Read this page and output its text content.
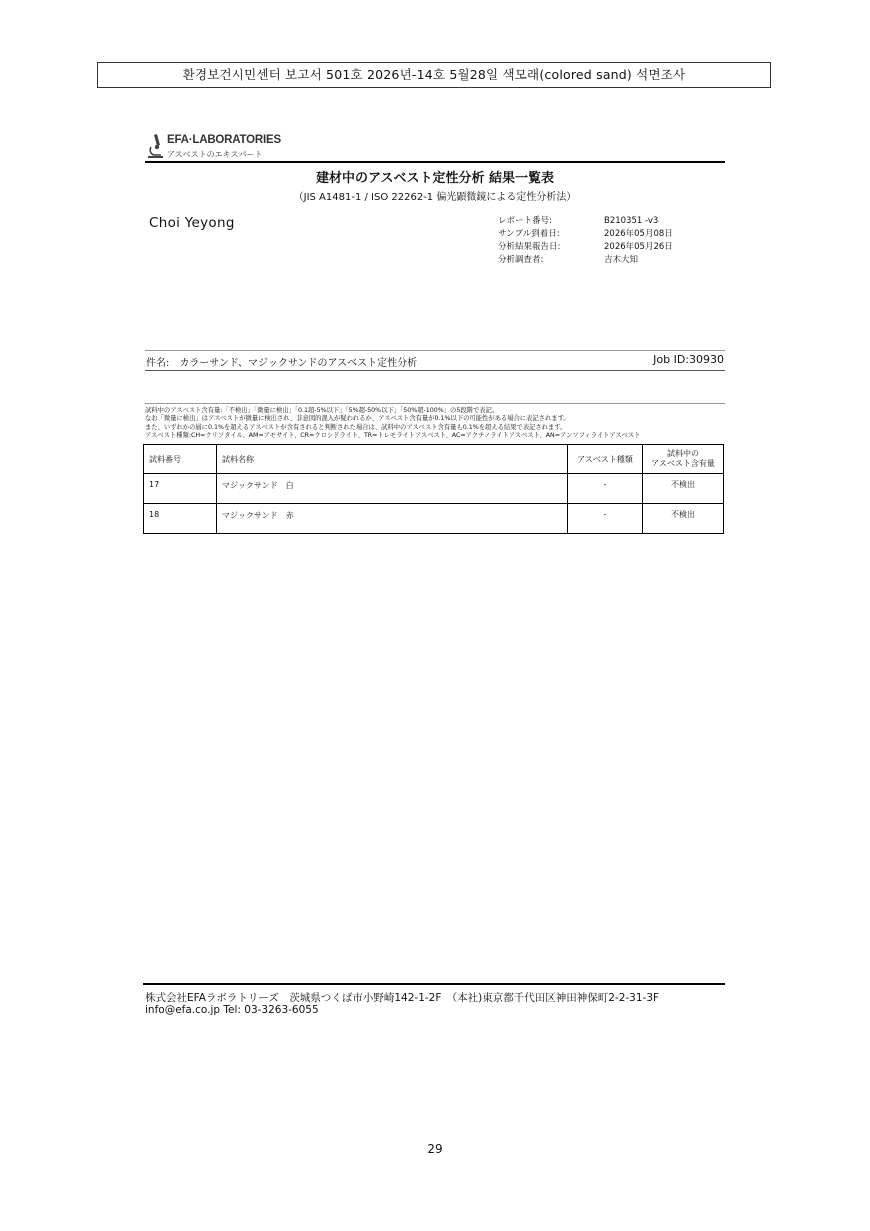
환경보건시민센터 보고서 501호 2026년-14호 5월28일 색모래(colored sand) 석면조사
EFA·LABORATORIES
アスベストのエキスパート
建材中のアスベスト定性分析 結果一覧表
（JIS A1481-1 / ISO 22262-1 偏光顕微鏡による定性分析法）
Choi Yeyong	レポート番号:	B210351 -v3
サンプル到着日:	2026年05月08日
分析結果報告日:	2026年05月26日
分析調査者:	吉木大知
件名:　カラーサンド、マジックサンドのアスベスト定性分析	Job ID:30930
試料中のアスベスト含有量:「不検出」「微量に検出」「0.1超-5%以下」「5%超-50%以下」「50%超-100%」の5段階で表記。
なお「微量に検出」はアスベストが微量に検出され、非意図的混入が疑われるか、アスベスト含有量が0.1%以下の可能性がある場合に表記されます。
また、いずれかの層に0.1%を超えるアスベストが含有されると判断された場合は、試料中のアスベスト含有量も0.1%を超える結果で表記されます。
アスベスト種類:CH=クリソタイル、AM=アモサイト、CR=クロシドライト、TR=トレモライトアスベスト、AC=アクチノライトアスベスト、AN=アンソフィライトアスベスト
試料番号	試料名称	アスベスト種類	試料中の
アスベスト含有量

17	マジックサンド　白	-	不検出
18	マジックサンド　赤	-	不検出
株式会社EFAラボラトリーズ　茨城県つくば市小野崎142-1-2F　（本社)東京都千代田区神田神保町2-2-31-3F
info@efa.co.jp Tel: 03-3263-6055
29
